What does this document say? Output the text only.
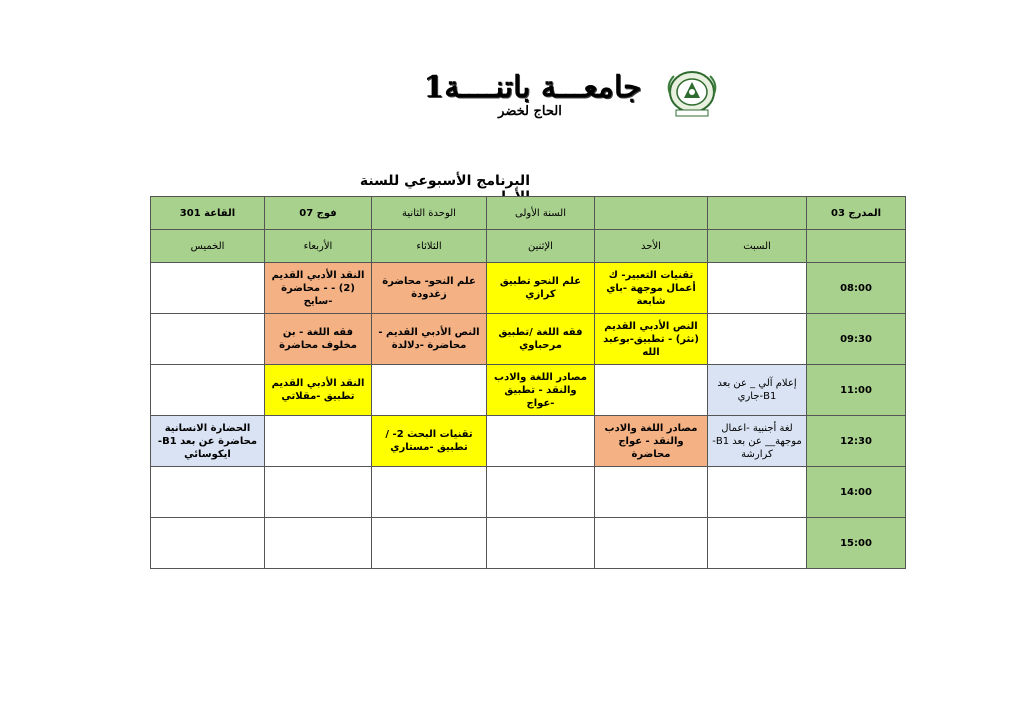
جامعـــة باتنــــة1
الحاج لخضر
البرنامج الأسبوعي للسنة
القاعة 301	فوج 07	الوحدة الثانية	السنة الأولى			المدرج 03
الخميس	الأربعاء	الثلاثاء	الإثنين	الأحد	السبت	
	النقد الأدبي القديم (2) - - محاضرة -سايح	علم النحو- محاضرة زغدودة	علم النحو تطبيق كرازي	تقنيات التعبير- ك أعمال موجهة -باي شابعة		08:00
	فقه اللغة - بن مخلوف محاضرة	النص الأدبي القديم - محاضرة -دلالدة	فقه اللغة /تطبيق مرحباوي	النص الأدبي القديم (نثر) - تطبيق-بوعبد الله		09:30
	النقد الأدبي القديم تطبيق -مقلاتي		مصادر اللغة والادب والنقد - تطبيق -عواج		إعلام آلي _ عن بعد B1-جاري	11:00
الحضارة الانسانية محاضرة عن بعد B1- ايكوسائي		تقنيات البحث 2- /تطبيق -مستاري		مصادر اللغة والادب والنقد - عواج محاضرة	لغة أجنبية -اعمال موجهة__ عن بعد B1-كرارشة	12:30
						14:00
						15:00
